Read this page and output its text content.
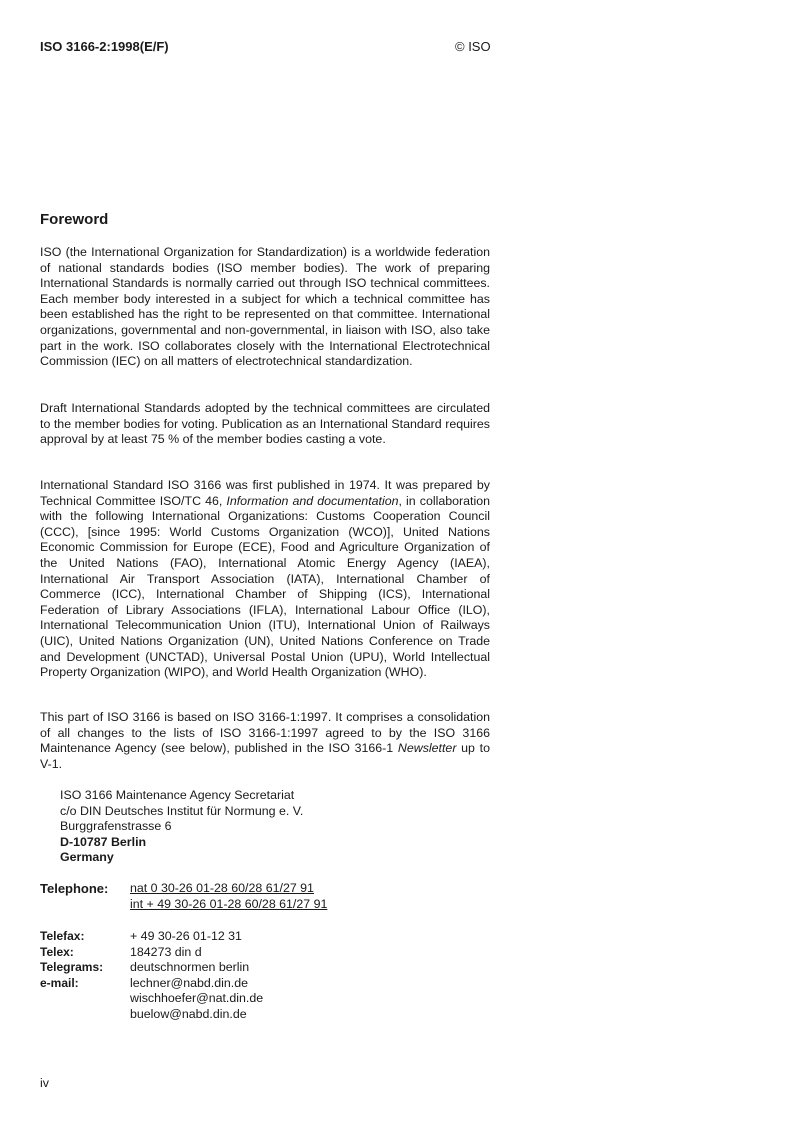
ISO 3166-2:1998(E/F)	© ISO
Foreword

ISO (the International Organization for Standardization) is a worldwide federation of national standards bodies (ISO member bodies). The work of preparing International Standards is normally carried out through ISO technical committees. Each member body interested in a subject for which a technical committee has been established has the right to be represented on that committee. International organizations, governmental and non-governmental, in liaison with ISO, also take part in the work. ISO collaborates closely with the International Electrotechnical Commission (IEC) on all matters of electrotechnical standardization.

Draft International Standards adopted by the technical committees are circulated to the member bodies for voting. Publication as an International Standard requires approval by at least 75 % of the member bodies casting a vote.

International Standard ISO 3166 was first published in 1974. It was prepared by Technical Committee ISO/TC 46, Information and documentation, in collaboration with the following International Organizations: Customs Cooperation Council (CCC), [since 1995: World Customs Organization (WCO)], United Nations Economic Commission for Europe (ECE), Food and Agriculture Organization of the United Nations (FAO), International Atomic Energy Agency (IAEA), International Air Transport Association (IATA), International Chamber of Commerce (ICC), International Chamber of Shipping (ICS), International Federation of Library Associations (IFLA), International Labour Office (ILO), International Telecommunication Union (ITU), International Union of Railways (UIC), United Nations Organization (UN), United Nations Conference on Trade and Development (UNCTAD), Universal Postal Union (UPU), World Intellectual Property Organization (WIPO), and World Health Organization (WHO).

This part of ISO 3166 is based on ISO 3166-1:1997. It comprises a consolidation of all changes to the lists of ISO 3166-1:1997 agreed to by the ISO 3166 Maintenance Agency (see below), published in the ISO 3166-1 Newsletter up to V-1.

ISO 3166 Maintenance Agency Secretariat
c/o DIN Deutsches Institut für Normung e. V.
Burggrafenstrasse 6
D-10787 Berlin
Germany
Telephone:	nat 0 30-26 01-28 60/28 61/27 91
int + 49 30-26 01-28 60/28 61/27 91
Telefax:	+ 49 30-26 01-12 31
Telex:	184273 din d
Telegrams:	deutschnormen berlin
e-mail:	lechner@nabd.din.de
wischhoefer@nat.din.de
buelow@nabd.din.de
iv
